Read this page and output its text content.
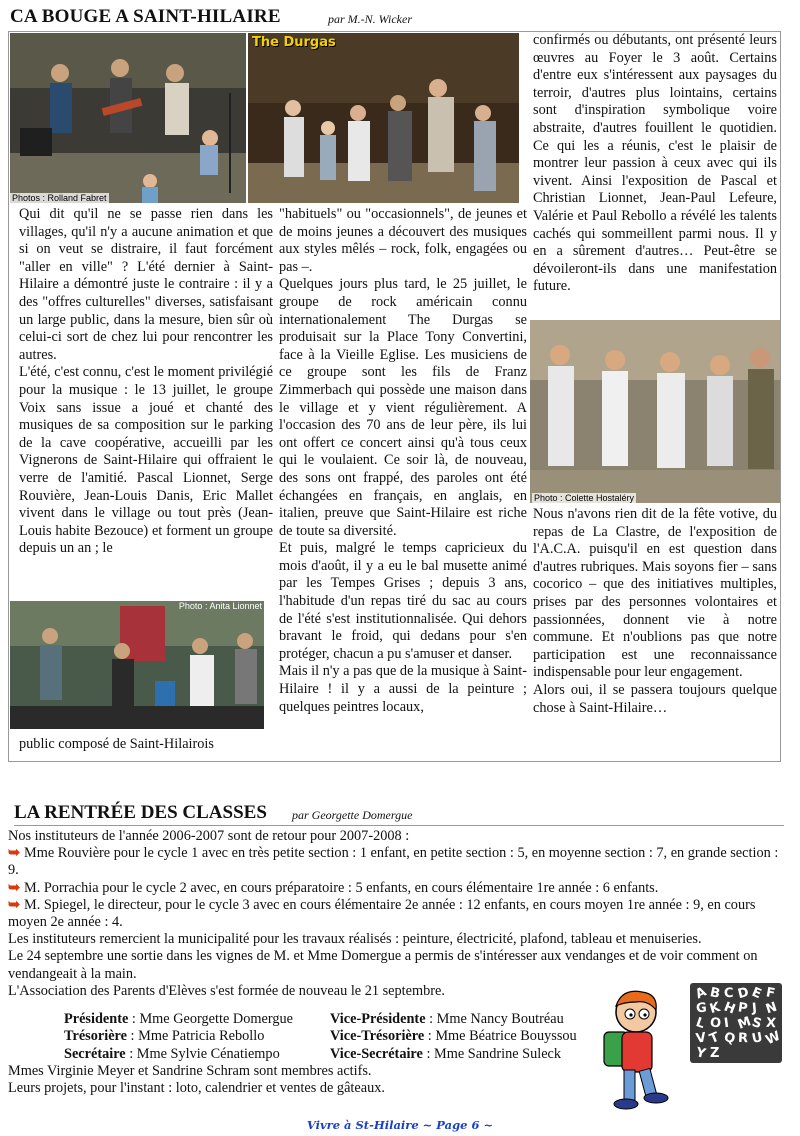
CA BOUGE A SAINT-HILAIRE	par M.-N. Wicker
Photos : Rolland Fabret
The Durgas

Qui dit qu'il ne se passe rien dans les villages, qu'il n'y a aucune animation et que si on veut se distraire, il faut forcément "aller en ville" ? L'été dernier à Saint-Hilaire a démontré juste le contraire : il y a des "offres culturelles" diverses, satisfaisant un large public, dans la mesure, bien sûr où celui-ci sort de chez lui pour rencontrer les autres.

L'été, c'est connu, c'est le moment privilégié pour la musique : le 13 juillet, le groupe Voix sans issue a joué et chanté des musiques de sa composition sur le parking de la cave coopérative, accueilli par les Vignerons de Saint-Hilaire qui offraient le verre de l'amitié. Pascal Lionnet, Serge Rouvière, Jean-Louis Danis, Eric Mallet vivent dans le village ou tout près (Jean-Louis habite Bezouce) et forment un groupe depuis un an ; le

Photo : Anita Lionnet

public composé de Saint-Hilairois

"habituels" ou "occasionnels", de jeunes et de moins jeunes a découvert des musiques aux styles mêlés – rock, folk, engagées ou pas –.

Quelques jours plus tard, le 25 juillet, le groupe de rock américain connu internationalement The Durgas se produisait sur la Place Tony Convertini, face à la Vieille Eglise. Les musiciens de ce groupe sont les fils de Franz Zimmerbach qui possède une maison dans le village et y vient régulièrement. A l'occasion des 70 ans de leur père, ils lui ont offert ce concert ainsi qu'à tous ceux qui le voulaient. Ce soir là, de nouveau, des sons ont frappé, des paroles ont été échangées en français, en anglais, en italien, preuve que Saint-Hilaire est riche de toute sa diversité.

Et puis, malgré le temps capricieux du mois d'août, il y a eu le bal musette animé par les Tempes Grises ; depuis 3 ans, l'habitude d'un repas tiré du sac au cours de l'été s'est institutionnalisée. Qui dehors bravant le froid, qui dedans pour s'en protéger, chacun a pu s'amuser et danser.

Mais il n'y a pas que de la musique à Saint-Hilaire ! il y a aussi de la peinture ; quelques peintres locaux,

confirmés ou débutants, ont présenté leurs œuvres au Foyer le 3 août. Certains d'entre eux s'intéressent aux paysages du terroir, d'autres plus lointains, certains sont d'inspiration symbolique voire abstraite, d'autres fouillent le quotidien. Ce qui les a réunis, c'est le plaisir de montrer leur passion à ceux avec qui ils vivent. Ainsi l'exposition de Pascal et Christian Lionnet, Jean-Paul Lefeure, Valérie et Paul Rebollo a révélé les talents cachés qui sommeillent parmi nous. Il y en a sûrement d'autres… Peut-être se dévoileront-ils dans une manifestation future.

Photo : Colette Hostaléry

Nous n'avons rien dit de la fête votive, du repas de La Clastre, de l'exposition de l'A.C.A. puisqu'il en est question dans d'autres rubriques. Mais soyons fier – sans cocorico – que des initiatives multiples, prises par des personnes volontaires et passionnées, donnent vie à notre commune. Et n'oublions pas que notre participation est une reconnaissance indispensable pour leur engagement.

Alors oui, il se passera toujours quelque chose à Saint-Hilaire…

LA RENTRÉE DES CLASSES par Georgette Domergue
Nos instituteurs de l'année 2006-2007 sont de retour pour 2007-2008 :
➥ Mme Rouvière pour le cycle 1 avec en très petite section : 1 enfant, en petite section : 5, en moyenne section : 7, en grande section : 9.
➥ M. Porrachia pour le cycle 2 avec, en cours préparatoire : 5 enfants, en cours élémentaire 1re année : 6 enfants.
➥ M. Spiegel, le directeur, pour le cycle 3 avec en cours élémentaire 2e année : 12 enfants, en cours moyen 1re année : 9, en cours moyen 2e année : 4.
Les instituteurs remercient la municipalité pour les travaux réalisés : peinture, électricité, plafond, tableau et menuiseries.
Le 24 septembre une sortie dans les vignes de M. et Mme Domergue a permis de s'intéresser aux vendanges et de voir comment on vendangeait à la main.
L'Association des Parents d'Elèves s'est formée de nouveau le 21 septembre.
Présidente : Mme Georgette Domergue	Vice-Présidente : Mme Nancy Boutréau
Trésorière : Mme Patricia Rebollo	Vice-Trésorière : Mme Béatrice Bouyssou
Secrétaire : Mme Sylvie Cénatiempo	Vice-Secrétaire : Mme Sandrine Suleck
Mmes Virginie Meyer et Sandrine Schram sont membres actifs.
Leurs projets, pour l'instant : loto, calendrier et ventes de gâteaux.
A B C D
E F
G K H P J N
L O I M
S X
V T Q R U W
Y Z
Vivre à St-Hilaire ~ Page 6 ~
